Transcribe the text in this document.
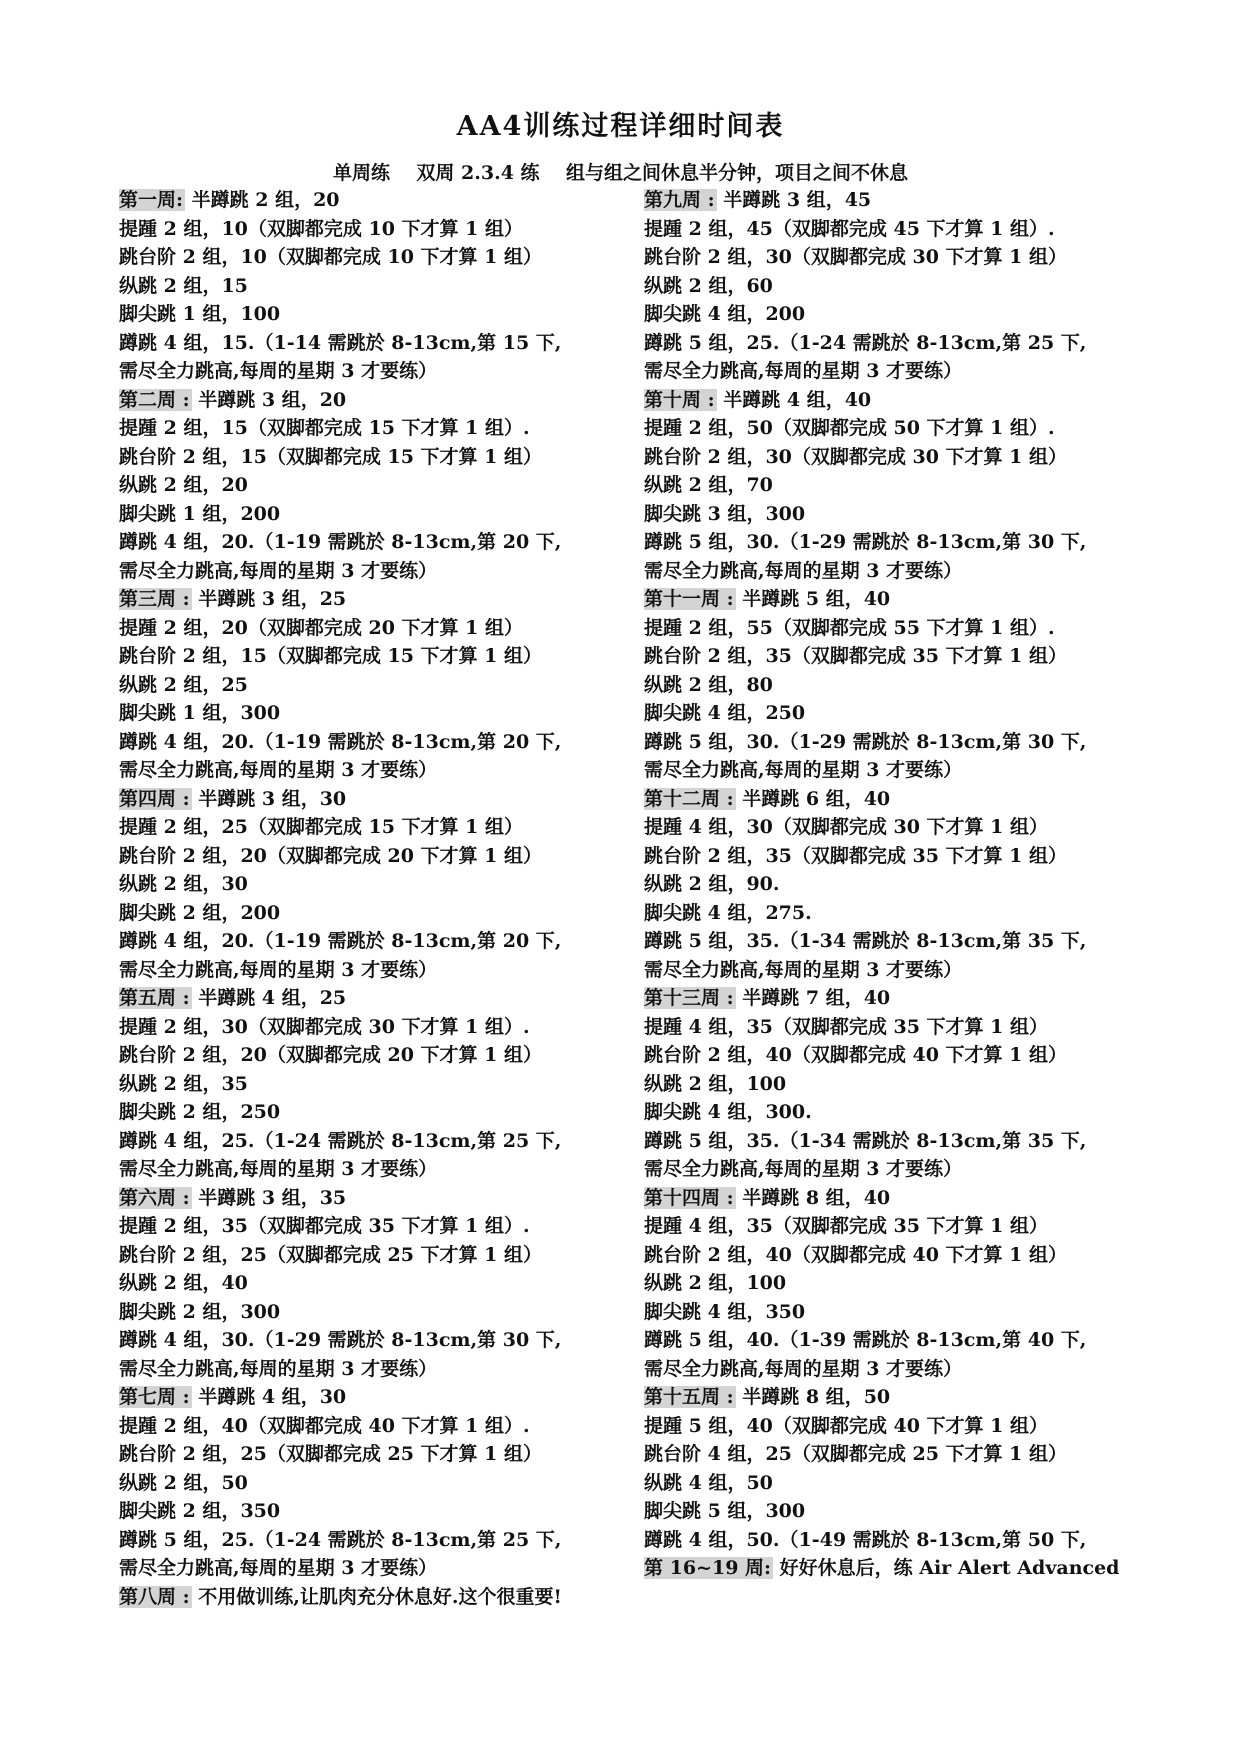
AA4训练过程详细时间表
单周练    双周 2.3.4 练    组与组之间休息半分钟，项目之间不休息
第一周: 半蹲跳 2 组，20
提踵 2 组，10（双脚都完成 10 下才算 1 组）
跳台阶 2 组，10（双脚都完成 10 下才算 1 组）
纵跳 2 组，15
脚尖跳 1 组，100
蹲跳 4 组，15.（1-14 需跳於 8-13cm,第 15 下,
需尽全力跳高,每周的星期 3 才要练）
第二周 : 半蹲跳 3 组，20
提踵 2 组，15（双脚都完成 15 下才算 1 组）.
跳台阶 2 组，15（双脚都完成 15 下才算 1 组）
纵跳 2 组，20
脚尖跳 1 组，200
蹲跳 4 组，20.（1-19 需跳於 8-13cm,第 20 下,
需尽全力跳高,每周的星期 3 才要练）
第三周 : 半蹲跳 3 组，25
提踵 2 组，20（双脚都完成 20 下才算 1 组）
跳台阶 2 组，15（双脚都完成 15 下才算 1 组）
纵跳 2 组，25
脚尖跳 1 组，300
蹲跳 4 组，20.（1-19 需跳於 8-13cm,第 20 下,
需尽全力跳高,每周的星期 3 才要练）
第四周 : 半蹲跳 3 组，30
提踵 2 组，25（双脚都完成 15 下才算 1 组）
跳台阶 2 组，20（双脚都完成 20 下才算 1 组）
纵跳 2 组，30
脚尖跳 2 组，200
蹲跳 4 组，20.（1-19 需跳於 8-13cm,第 20 下,
需尽全力跳高,每周的星期 3 才要练）
第五周 : 半蹲跳 4 组，25
提踵 2 组，30（双脚都完成 30 下才算 1 组）.
跳台阶 2 组，20（双脚都完成 20 下才算 1 组）
纵跳 2 组，35
脚尖跳 2 组，250
蹲跳 4 组，25.（1-24 需跳於 8-13cm,第 25 下,
需尽全力跳高,每周的星期 3 才要练）
第六周 : 半蹲跳 3 组，35
提踵 2 组，35（双脚都完成 35 下才算 1 组）.
跳台阶 2 组，25（双脚都完成 25 下才算 1 组）
纵跳 2 组，40
脚尖跳 2 组，300
蹲跳 4 组，30.（1-29 需跳於 8-13cm,第 30 下,
需尽全力跳高,每周的星期 3 才要练）
第七周 : 半蹲跳 4 组，30
提踵 2 组，40（双脚都完成 40 下才算 1 组）.
跳台阶 2 组，25（双脚都完成 25 下才算 1 组）
纵跳 2 组，50
脚尖跳 2 组，350
蹲跳 5 组，25.（1-24 需跳於 8-13cm,第 25 下,
需尽全力跳高,每周的星期 3 才要练）
第八周 : 不用做训练,让肌肉充分休息好.这个很重要!
第九周 : 半蹲跳 3 组，45
提踵 2 组，45（双脚都完成 45 下才算 1 组）.
跳台阶 2 组，30（双脚都完成 30 下才算 1 组）
纵跳 2 组，60
脚尖跳 4 组，200
蹲跳 5 组，25.（1-24 需跳於 8-13cm,第 25 下,
需尽全力跳高,每周的星期 3 才要练）
第十周 : 半蹲跳 4 组，40
提踵 2 组，50（双脚都完成 50 下才算 1 组）.
跳台阶 2 组，30（双脚都完成 30 下才算 1 组）
纵跳 2 组，70
脚尖跳 3 组，300
蹲跳 5 组，30.（1-29 需跳於 8-13cm,第 30 下,
需尽全力跳高,每周的星期 3 才要练）
第十一周 : 半蹲跳 5 组，40
提踵 2 组，55（双脚都完成 55 下才算 1 组）.
跳台阶 2 组，35（双脚都完成 35 下才算 1 组）
纵跳 2 组，80
脚尖跳 4 组，250
蹲跳 5 组，30.（1-29 需跳於 8-13cm,第 30 下,
需尽全力跳高,每周的星期 3 才要练）
第十二周 : 半蹲跳 6 组，40
提踵 4 组，30（双脚都完成 30 下才算 1 组）
跳台阶 2 组，35（双脚都完成 35 下才算 1 组）
纵跳 2 组，90.
脚尖跳 4 组，275.
蹲跳 5 组，35.（1-34 需跳於 8-13cm,第 35 下,
需尽全力跳高,每周的星期 3 才要练）
第十三周 : 半蹲跳 7 组，40
提踵 4 组，35（双脚都完成 35 下才算 1 组）
跳台阶 2 组，40（双脚都完成 40 下才算 1 组）
纵跳 2 组，100
脚尖跳 4 组，300.
蹲跳 5 组，35.（1-34 需跳於 8-13cm,第 35 下,
需尽全力跳高,每周的星期 3 才要练）
第十四周 : 半蹲跳 8 组，40
提踵 4 组，35（双脚都完成 35 下才算 1 组）
跳台阶 2 组，40（双脚都完成 40 下才算 1 组）
纵跳 2 组，100
脚尖跳 4 组，350
蹲跳 5 组，40.（1-39 需跳於 8-13cm,第 40 下,
需尽全力跳高,每周的星期 3 才要练）
第十五周 : 半蹲跳 8 组，50
提踵 5 组，40（双脚都完成 40 下才算 1 组）
跳台阶 4 组，25（双脚都完成 25 下才算 1 组）
纵跳 4 组，50
脚尖跳 5 组，300
蹲跳 4 组，50.（1-49 需跳於 8-13cm,第 50 下,
第 16~19 周: 好好休息后，练 Air Alert Advanced
